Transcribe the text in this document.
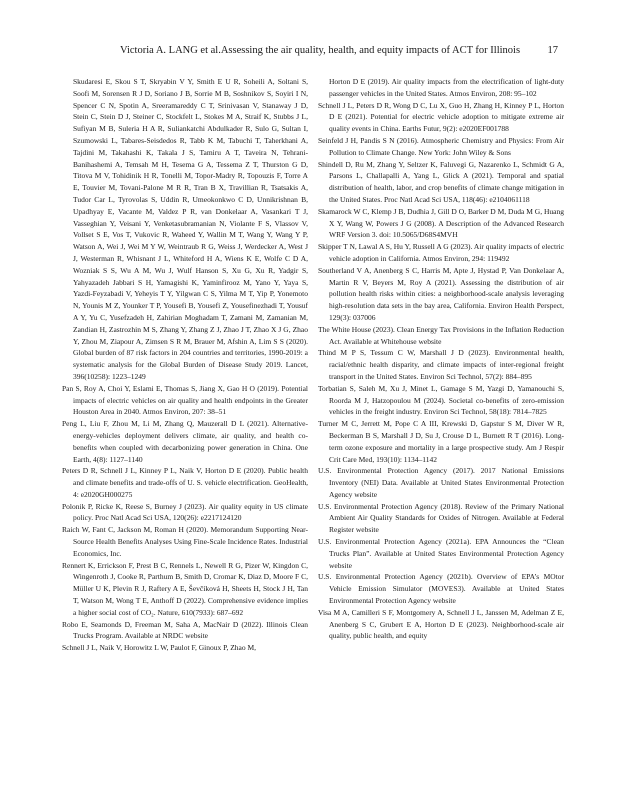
Victoria A. LANG et al.Assessing the air quality, health, and equity impacts of ACT for Illinois	17

Skudaresi E, Skou S T, Skryabin V Y, Smith E U R, Soheili A, Soltani S, Soofi M, Sorensen R J D, Soriano J B, Sorrie M B, Soshnikov S, Soyiri I N, Spencer C N, Spotin A, Sreeramareddy C T, Srinivasan V, Stanaway J D, Stein C, Stein D J, Steiner C, Stockfelt L, Stokes M A, Straif K, Stubbs J L, Sufiyan M B, Suleria H A R, Suliankatchi Abdulkader R, Sulo G, Sultan I, Szumowski L, Tabares-Seisdedos R, Tabb K M, Tabuchi T, Taherkhani A, Tajdini M, Takahashi K, Takala J S, Tamiru A T, Taveira N, Tehrani-Banihashemi A, Temsah M H, Tesema G A, Tessema Z T, Thurston G D, Titova M V, Tohidinik H R, Tonelli M, Topor-Madry R, Topouzis F, Torre A E, Touvier M, Tovani-Palone M R R, Tran B X, Travillian R, Tsatsakis A, Tudor Car L, Tyrovolas S, Uddin R, Umeokonkwo C D, Unnikrishnan B, Upadhyay E, Vacante M, Valdez P R, van Donkelaar A, Vasankari T J, Vasseghian Y, Veisani Y, Venketasubramanian N, Violante F S, Vlassov V, Vollset S E, Vos T, Vukovic R, Waheed Y, Wallin M T, Wang Y, Wang Y P, Watson A, Wei J, Wei M Y W, Weintraub R G, Weiss J, Werdecker A, West J J, Westerman R, Whisnant J L, Whiteford H A, Wiens K E, Wolfe C D A, Wozniak S S, Wu A M, Wu J, Wulf Hanson S, Xu G, Xu R, Yadgir S, Yahyazadeh Jabbari S H, Yamagishi K, Yaminfirooz M, Yano Y, Yaya S, Yazdi-Feyzabadi V, Yeheyis T Y, Yilgwan C S, Yilma M T, Yip P, Yonemoto N, Younis M Z, Younker T P, Yousefi B, Yousefi Z, Yousefinezhadi T, Yousuf A Y, Yu C, Yusefzadeh H, Zahirian Moghadam T, Zamani M, Zamanian M, Zandian H, Zastrozhin M S, Zhang Y, Zhang Z J, Zhao J T, Zhao X J G, Zhao Y, Zhou M, Ziapour A, Zimsen S R M, Brauer M, Afshin A, Lim S S (2020). Global burden of 87 risk factors in 204 countries and territories, 1990-2019: a systematic analysis for the Global Burden of Disease Study 2019. Lancet, 396(10258): 1223–1249

Pan S, Roy A, Choi Y, Eslami E, Thomas S, Jiang X, Gao H O (2019). Potential impacts of electric vehicles on air quality and health endpoints in the Greater Houston Area in 2040. Atmos Environ, 207: 38–51

Peng L, Liu F, Zhou M, Li M, Zhang Q, Mauzerall D L (2021). Alternative-energy-vehicles deployment delivers climate, air quality, and health co-benefits when coupled with decarbonizing power generation in China. One Earth, 4(8): 1127–1140

Peters D R, Schnell J L, Kinney P L, Naik V, Horton D E (2020). Public health and climate benefits and trade-offs of U. S. vehicle electrification. GeoHealth, 4: e2020GH000275

Polonik P, Ricke K, Reese S, Burney J (2023). Air quality equity in US climate policy. Proc Natl Acad Sci USA, 120(26): e2217124120

Raich W, Fant C, Jackson M, Roman H (2020). Memorandum Supporting Near-Source Health Benefits Analyses Using Fine-Scale Incidence Rates. Industrial Economics, Inc.

Rennert K, Errickson F, Prest B C, Rennels L, Newell R G, Pizer W, Kingdon C, Wingenroth J, Cooke R, Parthum B, Smith D, Cromar K, Diaz D, Moore F C, Müller U K, Plevin R J, Raftery A E, Ševčíková H, Sheets H, Stock J H, Tan T, Watson M, Wong T E, Anthoff D (2022). Comprehensive evidence implies a higher social cost of CO₂. Nature, 610(7933): 687–692

Robo E, Seamonds D, Freeman M, Saha A, MacNair D (2022). Illinois Clean Trucks Program. Available at NRDC website

Schnell J L, Naik V, Horowitz L W, Paulot F, Ginoux P, Zhao M,

Horton D E (2019). Air quality impacts from the electrification of light-duty passenger vehicles in the United States. Atmos Environ, 208: 95–102

Schnell J L, Peters D R, Wong D C, Lu X, Guo H, Zhang H, Kinney P L, Horton D E (2021). Potential for electric vehicle adoption to mitigate extreme air quality events in China. Earths Futur, 9(2): e2020EF001788

Seinfeld J H, Pandis S N (2016). Atmospheric Chemistry and Physics: From Air Pollution to Climate Change. New York: John Wiley & Sons

Shindell D, Ru M, Zhang Y, Seltzer K, Faluvegi G, Nazarenko L, Schmidt G A, Parsons L, Challapalli A, Yang L, Glick A (2021). Temporal and spatial distribution of health, labor, and crop benefits of climate change mitigation in the United States. Proc Natl Acad Sci USA, 118(46): e2104061118

Skamarock W C, Klemp J B, Dudhia J, Gill D O, Barker D M, Duda M G, Huang X Y, Wang W, Powers J G (2008). A Description of the Advanced Research WRF Version 3. doi: 10.5065/D68S4MVH

Skipper T N, Lawal A S, Hu Y, Russell A G (2023). Air quality impacts of electric vehicle adoption in California. Atmos Environ, 294: 119492

Southerland V A, Anenberg S C, Harris M, Apte J, Hystad P, Van Donkelaar A, Martin R V, Beyers M, Roy A (2021). Assessing the distribution of air pollution health risks within cities: a neighborhood-scale analysis leveraging high-resolution data sets in the bay area, California. Environ Health Perspect, 129(3): 037006

The White House (2023). Clean Energy Tax Provisions in the Inflation Reduction Act. Available at Whitehouse website

Thind M P S, Tessum C W, Marshall J D (2023). Environmental health, racial/ethnic health disparity, and climate impacts of inter-regional freight transport in the United States. Environ Sci Technol, 57(2): 884–895

Torbatian S, Saleh M, Xu J, Minet L, Gamage S M, Yazgi D, Yamanouchi S, Roorda M J, Hatzopoulou M (2024). Societal co-benefits of zero-emission vehicles in the freight industry. Environ Sci Technol, 58(18): 7814–7825

Turner M C, Jerrett M, Pope C A III, Krewski D, Gapstur S M, Diver W R, Beckerman B S, Marshall J D, Su J, Crouse D L, Burnett R T (2016). Long-term ozone exposure and mortality in a large prospective study. Am J Respir Crit Care Med, 193(10): 1134–1142

U.S. Environmental Protection Agency (2017). 2017 National Emissions Inventory (NEI) Data. Available at United States Environmental Protection Agency website

U.S. Environmental Protection Agency (2018). Review of the Primary National Ambient Air Quality Standards for Oxides of Nitrogen. Available at Federal Register website

U.S. Environmental Protection Agency (2021a). EPA Announces the “Clean Trucks Plan”. Available at United States Environmental Protection Agency website

U.S. Environmental Protection Agency (2021b). Overview of EPA’s MOtor Vehicle Emission Simulator (MOVES3). Available at United States Environmental Protection Agency website

Visa M A, Camilleri S F, Montgomery A, Schnell J L, Janssen M, Adelman Z E, Anenberg S C, Grubert E A, Horton D E (2023). Neighborhood-scale air quality, public health, and equity
